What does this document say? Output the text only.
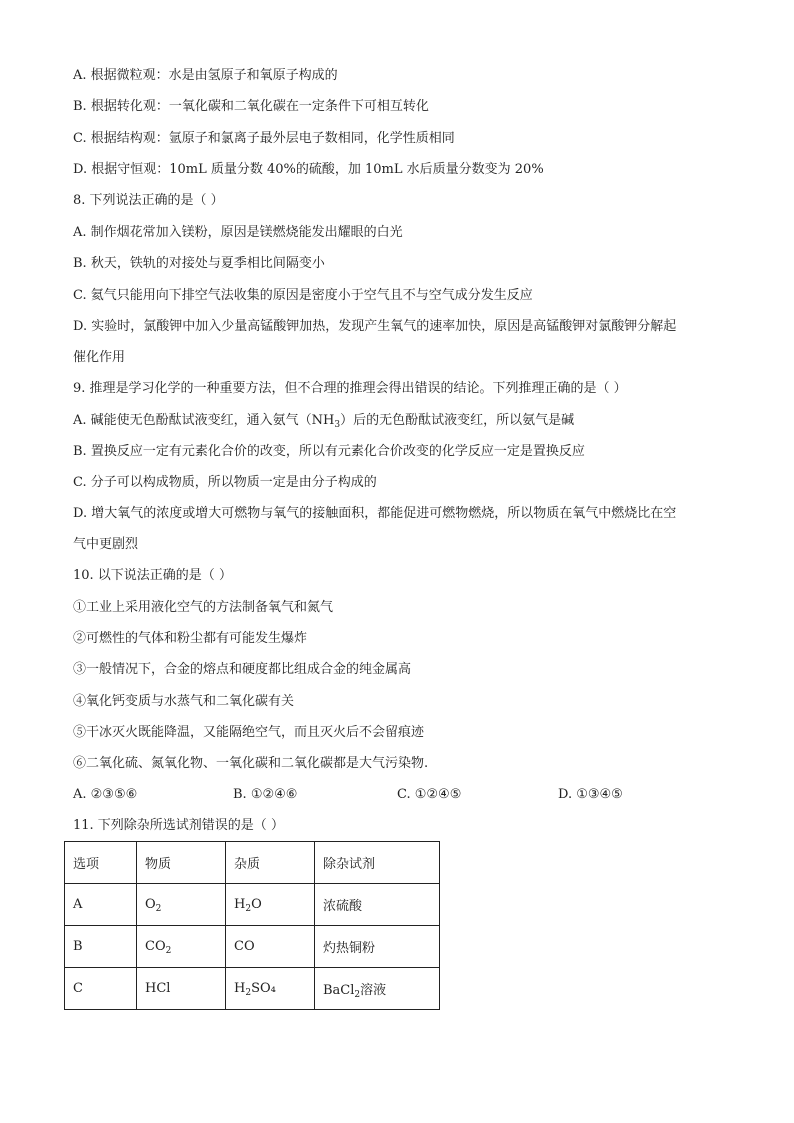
A. 根据微粒观：水是由氢原子和氧原子构成的
B. 根据转化观：一氧化碳和二氧化碳在一定条件下可相互转化
C. 根据结构观：氩原子和氯离子最外层电子数相同，化学性质相同
D. 根据守恒观：10mL 质量分数 40%的硫酸，加 10mL 水后质量分数变为 20%
8. 下列说法正确的是（ ）
A. 制作烟花常加入镁粉，原因是镁燃烧能发出耀眼的白光
B. 秋天，铁轨的对接处与夏季相比间隔变小
C. 氦气只能用向下排空气法收集的原因是密度小于空气且不与空气成分发生反应
D. 实验时，氯酸钾中加入少量高锰酸钾加热，发现产生氧气的速率加快，原因是高锰酸钾对氯酸钾分解起
催化作用
9. 推理是学习化学的一种重要方法，但不合理的推理会得出错误的结论。下列推理正确的是（ ）
A. 碱能使无色酚酞试液变红，通入氨气$(NH_3)$后的无色酚酞试液变红，所以氨气是碱
B. 置换反应一定有元素化合价的改变，所以有元素化合价改变的化学反应一定是置换反应
C. 分子可以构成物质，所以物质一定是由分子构成的
D. 增大氧气的浓度或增大可燃物与氧气的接触面积，都能促进可燃物燃烧，所以物质在氧气中燃烧比在空
气中更剧烈
10. 以下说法正确的是（ ）
①工业上采用液化空气的方法制备氧气和氮气
②可燃性的气体和粉尘都有可能发生爆炸
③一般情况下，合金的熔点和硬度都比组成合金的纯金属高
④氧化钙变质与水蒸气和二氧化碳有关
⑤干冰灭火既能降温，又能隔绝空气，而且灭火后不会留痕迹
⑥二氧化硫、氮氧化物、一氧化碳和二氧化碳都是大气污染物.
A. ②③⑤⑥	B. ①②④⑥	C. ①②④⑤	D. ①③④⑤
11. 下列除杂所选试剂错误的是（ ）
选项	物质	杂质	除杂试剂
A	$O_2$	$H_2O$	浓硫酸
B	$CO_2$	CO	灼热铜粉
C	HCl	$H_2SO_4$	BaCl$_2$溶液
